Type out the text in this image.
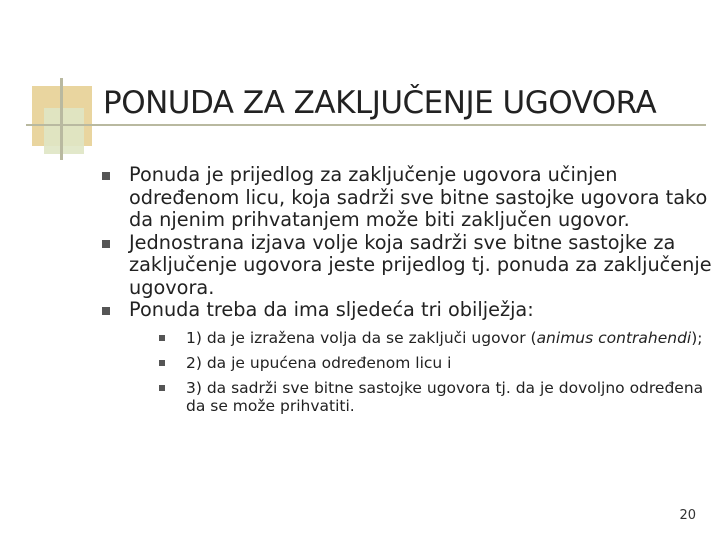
PONUDA ZA ZAKLJUČENJE UGOVORA
Ponuda je prijedlog za zaključenje ugovora učinjen određenom licu, koja sadrži sve bitne sastojke ugovora tako da njenim prihvatanjem može biti zaključen ugovor.
Jednostrana izjava volje koja sadrži sve bitne sastojke za zaključenje ugovora jeste prijedlog tj. ponuda za zaključenje ugovora.
Ponuda treba da ima sljedeća tri obilježja:
1) da je izražena volja da se zaključi ugovor (animus contrahendi);
2) da je upućena određenom licu i
3) da sadrži sve bitne sastojke ugovora tj. da je dovoljno određena da se može prihvatiti.
20
